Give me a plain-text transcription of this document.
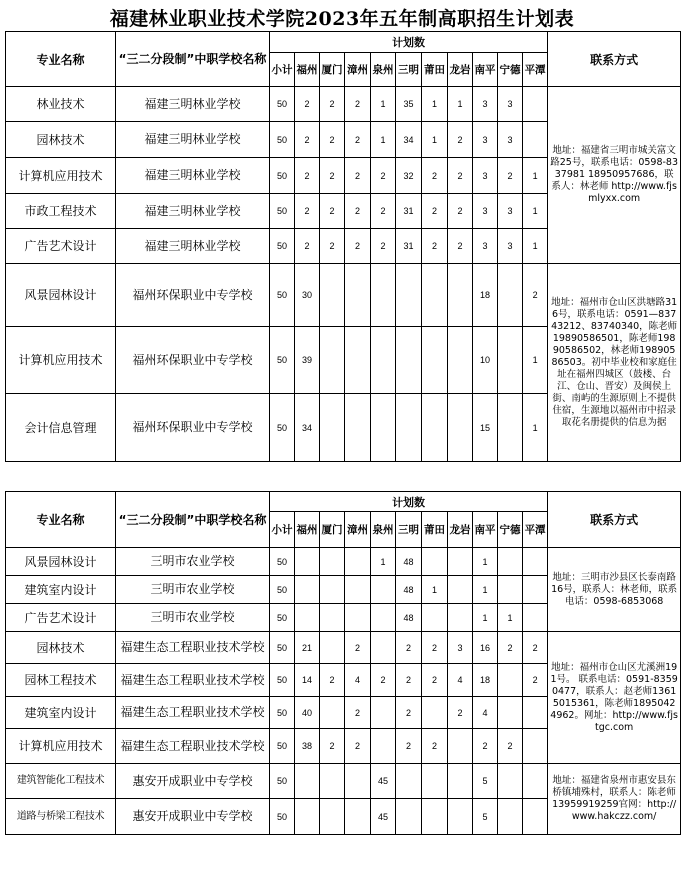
福建林业职业技术学院2023年五年制高职招生计划表
专业名称	“三二分段制”中职学校名称	计划数											联系方式
		小计	福州	厦门	漳州	泉州	三明	莆田	龙岩	南平	宁德	平潭	
林业技术	福建三明林业学校	50	2	2	2	1	35	1	1	3	3		地址：福建省三明市城关富文路25号，联系电话：0598-8337981 18950957686，联系人：林老师 http://www.fjsmlyxx.com
园林技术	福建三明林业学校	50	2	2	2	1	34	1	2	3	3		
计算机应用技术	福建三明林业学校	50	2	2	2	2	32	2	2	3	2	1	
市政工程技术	福建三明林业学校	50	2	2	2	2	31	2	2	3	3	1	
广告艺术设计	福建三明林业学校	50	2	2	2	2	31	2	2	3	3	1	
风景园林设计	福州环保职业中专学校	50	30							18		2	地址：福州市仓山区洪塘路316号，联系电话：0591—83743212、83740340，陈老师19890586501，陈老师19890586502，林老师19890586503。初中毕业校和家庭住址在福州四城区（鼓楼、台江、仓山、晋安）及闽侯上街、南屿的生源原则上不提供住宿，生源地以福州市中招录取花名册提供的信息为据
计算机应用技术	福州环保职业中专学校	50	39							10		1	
会计信息管理	福州环保职业中专学校	50	34							15		1	
专业名称	“三二分段制”中职学校名称	计划数											联系方式
		小计	福州	厦门	漳州	泉州	三明	莆田	龙岩	南平	宁德	平潭	
风景园林设计	三明市农业学校	50				1	48			1			地址：三明市沙县区长泰南路16号，联系人：林老师，联系电话：0598-6853068
建筑室内设计	三明市农业学校	50					48	1		1			
广告艺术设计	三明市农业学校	50					48			1	1		
园林技术	福建生态工程职业技术学校	50	21		2		2	2	3	16	2	2	地址：福州市仓山区尤溪洲191号。 联系电话：0591-83590477，联系人：赵老师13615015361，陈老师18950424962。网址：http://www.fjstgc.com
园林工程技术	福建生态工程职业技术学校	50	14	2	4	2	2	2	4	18		2	
建筑室内设计	福建生态工程职业技术学校	50	40		2		2		2	4			
计算机应用技术	福建生态工程职业技术学校	50	38	2	2		2	2		2	2		
建筑智能化工程技术	惠安开成职业中专学校	50				45				5			地址：福建省泉州市惠安县东桥镇埔殊村，联系人：陈老师13959919259官网：http://www.hakczz.com/
道路与桥梁工程技术	惠安开成职业中专学校	50				45				5			
